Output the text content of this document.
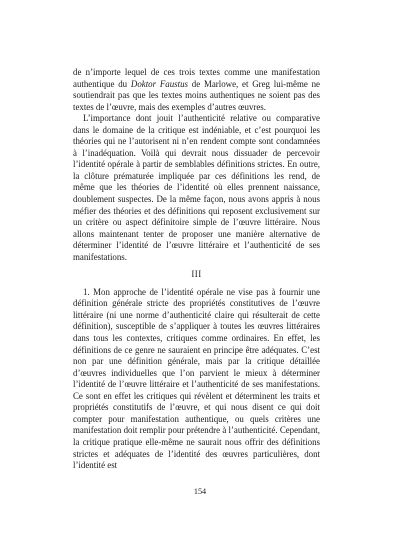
de n’importe lequel de ces trois textes comme une manifestation authentique du Doktor Faustus de Marlowe, et Greg lui-même ne soutiendrait pas que les textes moins authentiques ne soient pas des textes de l’œuvre, mais des exemples d’autres œuvres.

L’importance dont jouit l’authenticité relative ou comparative dans le domaine de la critique est indéniable, et c’est pourquoi les théories qui ne l’autorisent ni n’en rendent compte sont condamnées à l’inadéquation. Voilà qui devrait nous dissuader de percevoir l’identité opérale à partir de semblables définitions strictes. En outre, la clôture prématurée impliquée par ces définitions les rend, de même que les théories de l’identité où elles prennent naissance, doublement suspectes. De la même façon, nous avons appris à nous méfier des théories et des définitions qui reposent exclusivement sur un critère ou aspect définitoire simple de l’œuvre littéraire. Nous allons maintenant tenter de proposer une manière alternative de déterminer l’identité de l’œuvre littéraire et l’authenticité de ses manifestations.

III

1. Mon approche de l’identité opérale ne vise pas à fournir une définition générale stricte des propriétés constitutives de l’œuvre littéraire (ni une norme d’authenticité claire qui résulterait de cette définition), susceptible de s’appliquer à toutes les œuvres littéraires dans tous les contextes, critiques comme ordinaires. En effet, les définitions de ce genre ne sauraient en principe être adéquates. C’est non par une définition générale, mais par la critique détaillée d’œuvres individuelles que l’on parvient le mieux à déterminer l’identité de l’œuvre littéraire et l’authenticité de ses manifestations. Ce sont en effet les critiques qui révèlent et déterminent les traits et propriétés constitutifs de l’œuvre, et qui nous disent ce qui doit compter pour manifestation authentique, ou quels critères une manifestation doit remplir pour prétendre à l’authenticité. Cependant, la critique pratique elle-même ne saurait nous offrir des définitions strictes et adéquates de l’identité des œuvres particulières, dont l’identité est

154
